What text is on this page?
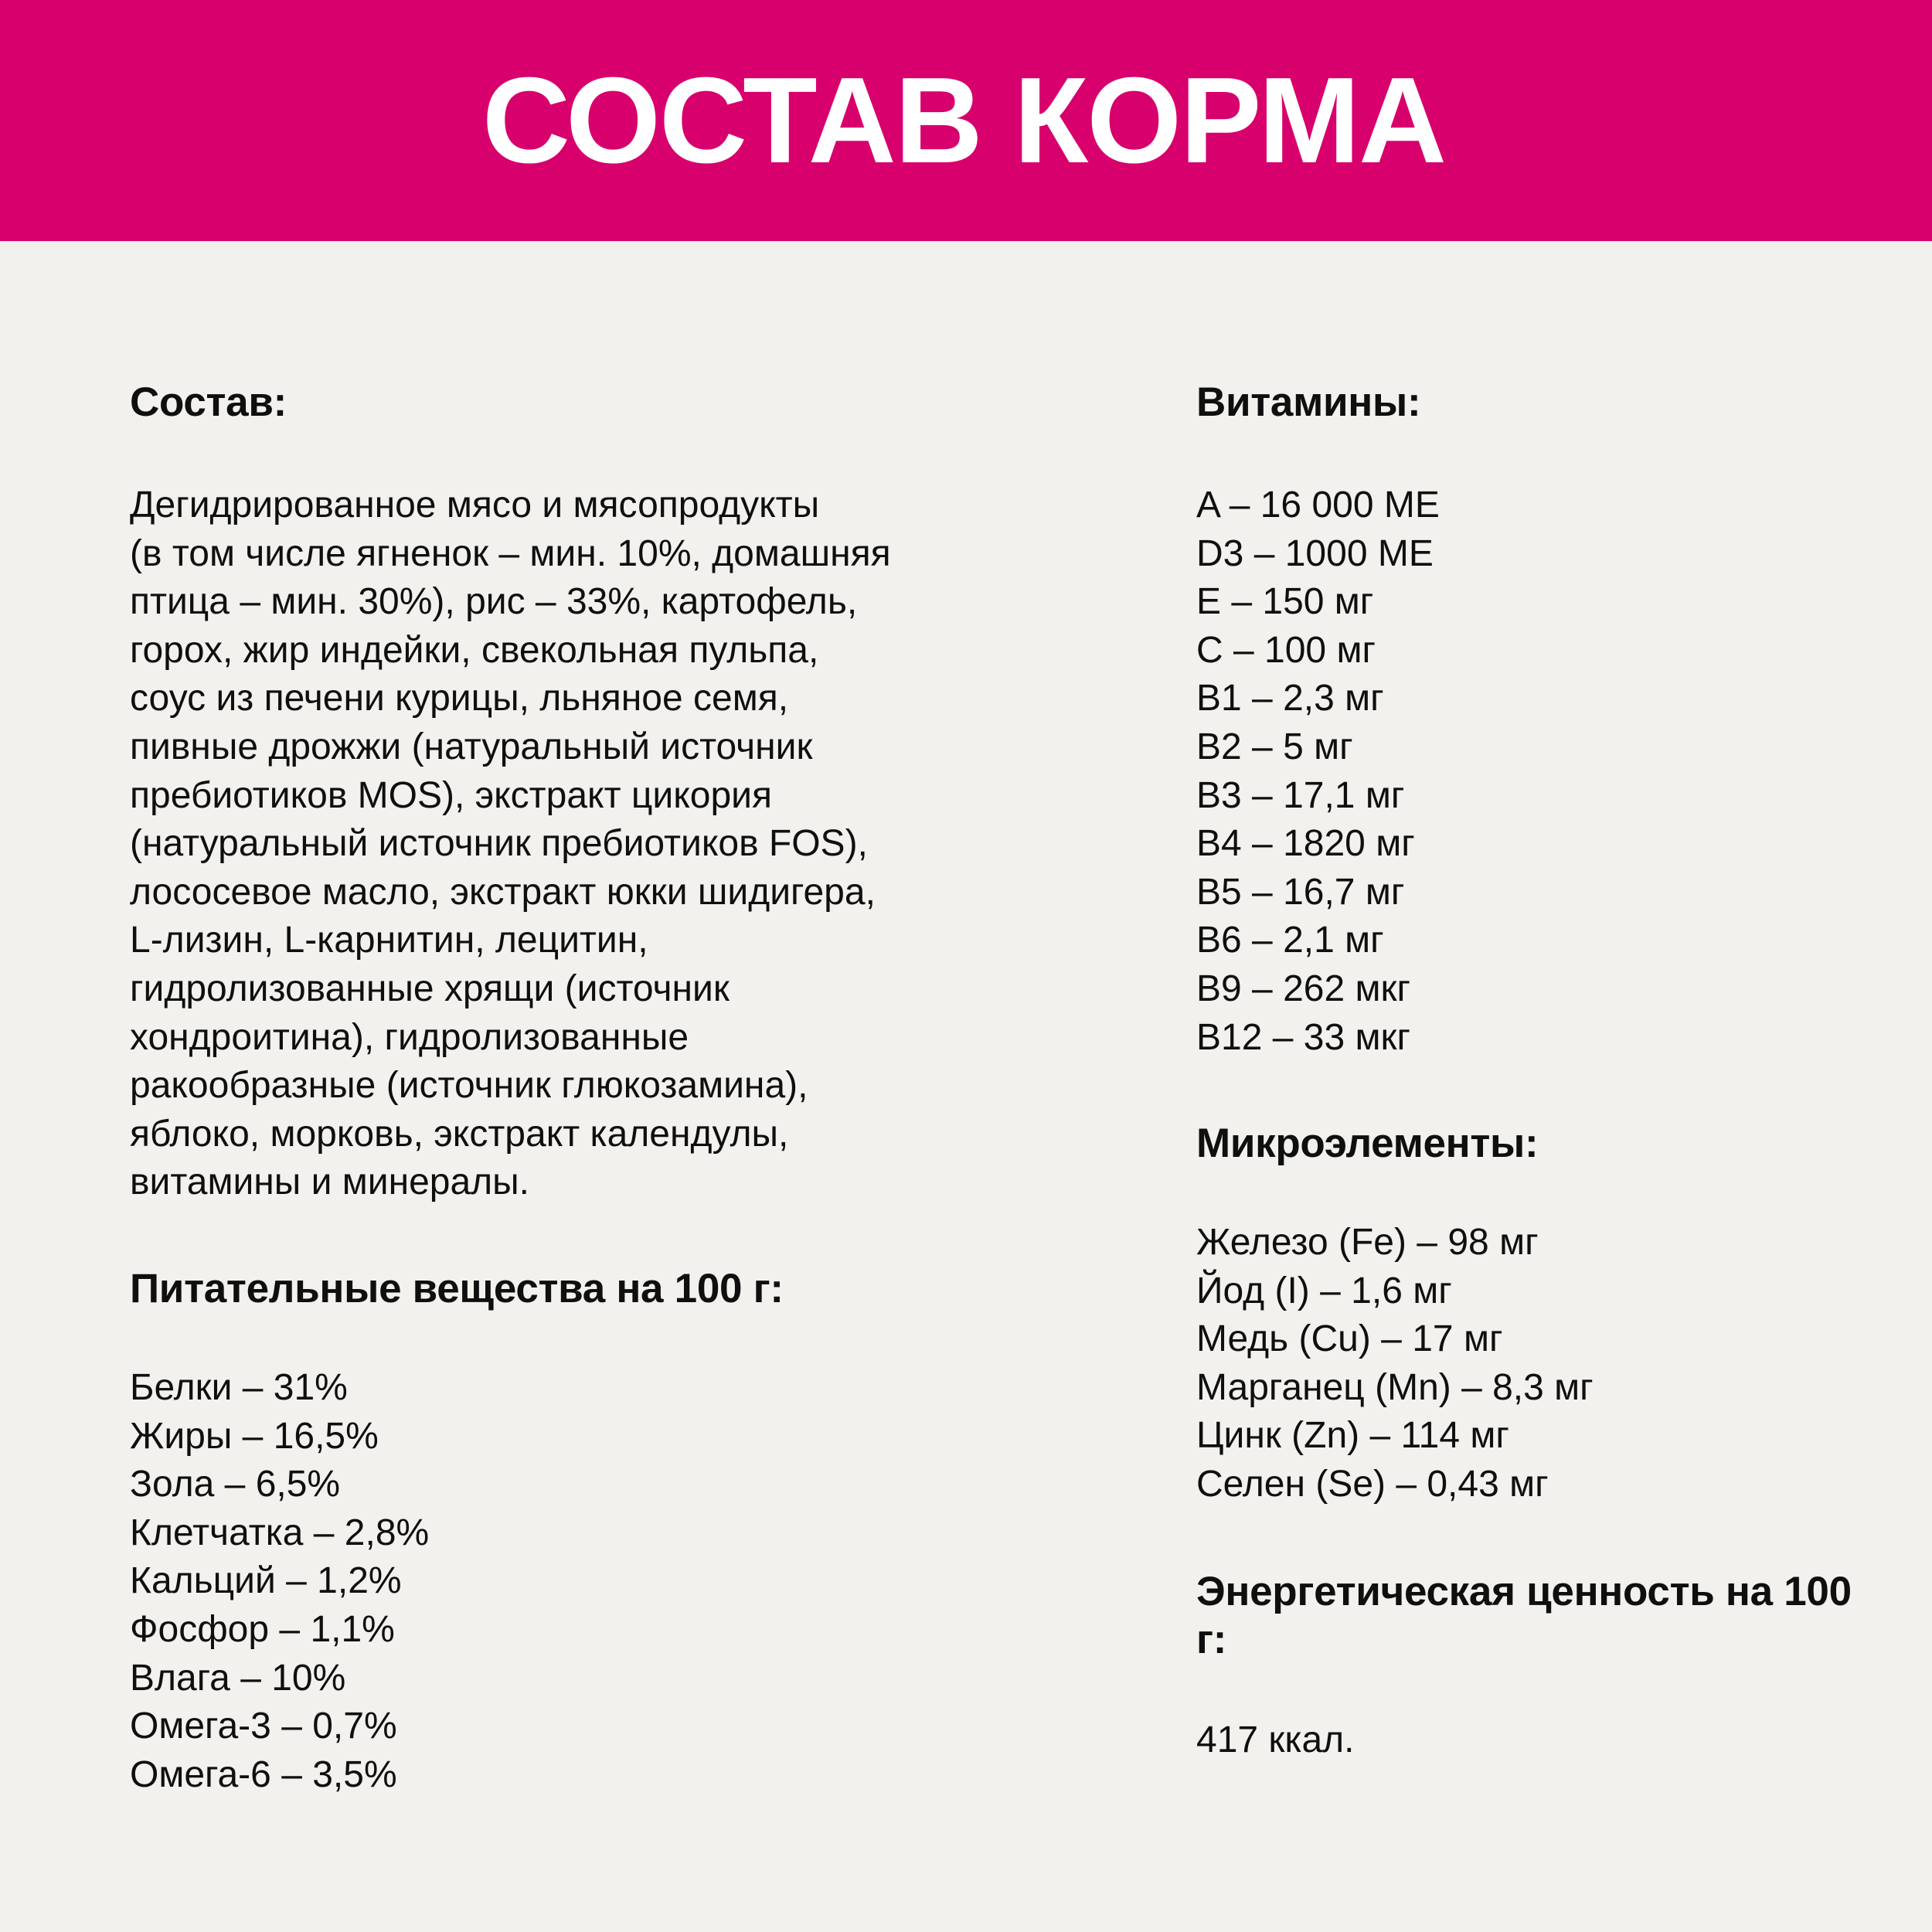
СОСТАВ КОРМА
Состав:

Дегидрированное мясо и мясопродукты
(в том числе ягненок – мин. 10%, домашняя
птица – мин. 30%), рис – 33%, картофель,
горох, жир индейки, свекольная пульпа,
соус из печени курицы, льняное семя,
пивные дрожжи (натуральный источник
пребиотиков MOS), экстракт цикория
(натуральный источник пребиотиков FOS),
лососевое масло, экстракт юкки шидигера,
L-лизин, L-карнитин, лецитин,
гидролизованные хрящи (источник
хондроитина), гидролизованные
ракообразные (источник глюкозамина),
яблоко, морковь, экстракт календулы,
витамины и минералы.

Питательные вещества на 100 г:
Белки – 31%
Жиры – 16,5%
Зола – 6,5%
Клетчатка – 2,8%
Кальций – 1,2%
Фосфор – 1,1%
Влага – 10%
Омега-3 – 0,7%
Омега-6 – 3,5%
Витамины:
A – 16 000 МЕ
D3 – 1000 МЕ
E – 150 мг
C – 100 мг
B1 – 2,3 мг
B2 – 5 мг
B3 – 17,1 мг
B4 – 1820 мг
B5 – 16,7 мг
B6 – 2,1 мг
B9 – 262 мкг
B12 – 33 мкг
Микроэлементы:
Железо (Fe) – 98 мг
Йод (I) – 1,6 мг
Медь (Cu) – 17 мг
Марганец (Mn) – 8,3 мг
Цинк (Zn) – 114 мг
Селен (Se) – 0,43 мг
Энергетическая ценность на 100 г:

417 ккал.
